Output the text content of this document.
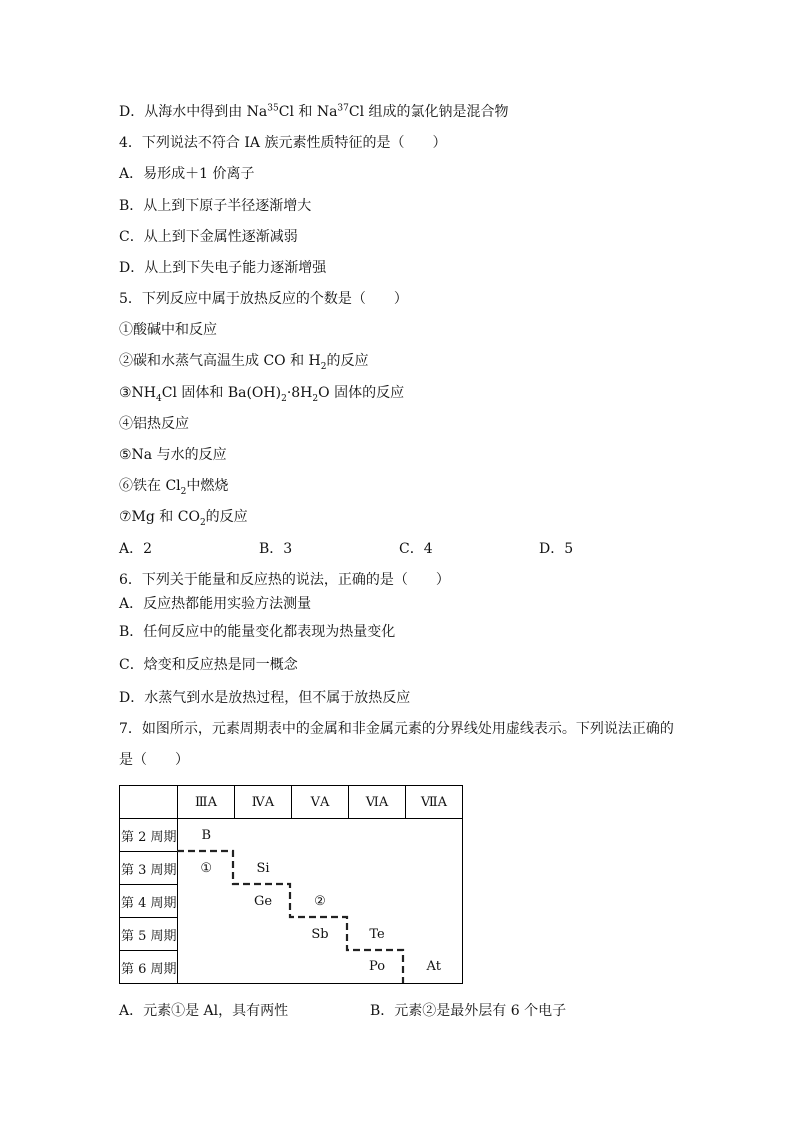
D．从海水中得到由 Na$^{35}$Cl 和 Na$^{37}$Cl 组成的氯化钠是混合物
4．下列说法不符合 IA 族元素性质特征的是（　　）
A．易形成＋1 价离子
B．从上到下原子半径逐渐增大
C．从上到下金属性逐渐减弱
D．从上到下失电子能力逐渐增强
5．下列反应中属于放热反应的个数是（　　）
①酸碱中和反应
②碳和水蒸气高温生成 CO 和 $H_2$的反应
$③NH_4Cl$ 固体和 $Ba(OH)_2\cdot 8H_2O$ 固体的反应
④铝热反应
⑤Na 与水的反应
⑥铁在 $Cl_2$中燃烧
⑦Mg 和 $CO_2$的反应
A．2	B．3	C．4	D．5
6．下列关于能量和反应热的说法，正确的是（　　）
A．反应热都能用实验方法测量
B．任何反应中的能量变化都表现为热量变化
C．焓变和反应热是同一概念
D．水蒸气到水是放热过程，但不属于放热反应
7．如图所示，元素周期表中的金属和非金属元素的分界线处用虚线表示。下列说法正确的
是（　　）
	ⅢA	ⅣA	ⅤA	ⅥA	ⅦA
第 2 周期	B				
第 3 周期	①	Si			
第 4 周期		Ge	②		
第 5 周期			Sb	Te	
第 6 周期				Po	At
A．元素①是 Al，具有两性	B．元素②是最外层有 6 个电子
